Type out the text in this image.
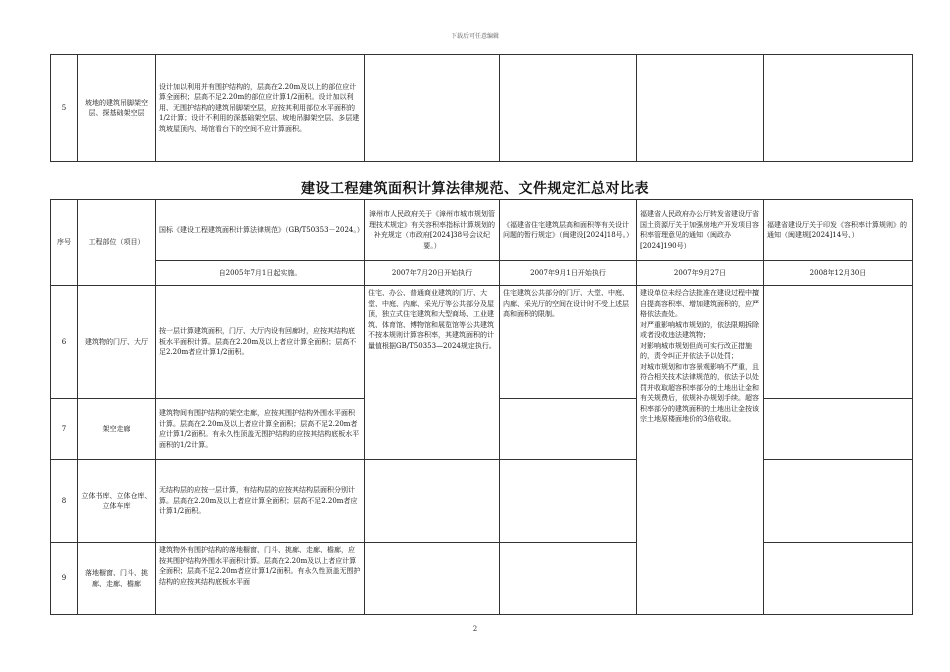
下载后可任意编辑
5	坡地的建筑吊脚架空层、探基础架空层	设计加以利用并有围护结构的，层高在2.20m及以上的部位应计算全面积；层高不足2.20m的部位应计算1/2面积。设计加以利用、无围护结构的建筑吊脚架空层，应按其利用部位水平面积的1/2计算；设计不利用的深基础架空层、坡地吊脚架空层、多层建筑坡屋顶内、场馆看台下的空间不应计算面积。				
建设工程建筑面积计算法律规范、文件规定汇总对比表
序号	工程部位（项目）	国标《建设工程建筑面积计算法律规范》（GB/T50353－2024。）	漳州市人民政府关于《漳州市城市规划管理技术规定》有关容积率指标计算规划的补充规定（市政府[2024]38号会议纪要。）	《福建省住宅建筑层高和面积等有关设计问题的暂行规定》（闽建设[2024]18号。）	福建省人民政府办公厅转发省建设厅省国土资源厅关于加强房地产开发项目容积率管理意见的通知（闽政办[2024]190号）	福建省建设厅关于印发《容积率计算规则》的通知（闽建规[2024]14号、）
		自2005年7月1日起实施。	2007年7月20日开始执行	2007年9月1日开始执行	2007年9月27日	2008年12月30日
6	建筑物的门厅、大厅	按一层计算建筑面积，门厅、大厅内设有回廊时，应按其结构底板水平面积计算。层高在2.20m及以上者应计算全面积；层高不足2.20m者应计算1/2面积。	住宅、办公、普通商业建筑的门厅、大堂、中庭、内廊、采光厅等公共部分及屋顶，独立式住宅建筑和大型商场、工业建筑、体育馆、博物馆和展览馆等公共建筑不按本规则计算容积率，其建筑面积的计量值根据GB/T50353—2024规定执行。	住宅建筑公共部分的门厅、大堂、中庭、内廊、采光厅的空间在设计时不受上述层高和面积的限制。	建设单位未经合法批准在建设过程中擅自提高容积率、增加建筑面积的，应严格依法查处。
对严重影响城市规划的，依法限期拆除或者没收违法建筑物；
对影响城市规划但尚可实行改正措施的，责令纠正并依法予以处罚；
对城市规划和市容景观影响不严重，且符合相关技术法律规范的，依法予以处罚并收取超容积率部分的土地出让金和有关规费后，依规补办规划手续。超容积率部分的建筑面积的土地出让金按该宗土地原楼面地价的3倍收取。	
7	架空走廊	建筑物间有围护结构的架空走廊，应按其围护结构外围水平面积计算。层高在2.20m及以上者应计算全面积；层高不足2.20m者应计算1/2面积。有永久性顶盖无围护结构的应按其结构底板水平面积的1/2计算。				
8	立体书库、立体仓库、立体车库	无结构层的应按一层计算，有结构层的应按其结构层面积分别计算。层高在2.20m及以上者应计算全面积；层高不足2.20m者应计算1/2面积。				
9	落地橱窗、门斗、挑廊、走廊、檐廊	建筑物外有围护结构的落地橱窗、门斗、挑廊、走廊、檐廊，应按其围护结构外围水平面积计算。层高在2.20m及以上者应计算全面积；层高不足2.20m者应计算1/2面积。有永久性顶盖无围护结构的应按其结构底板水平面				
2
